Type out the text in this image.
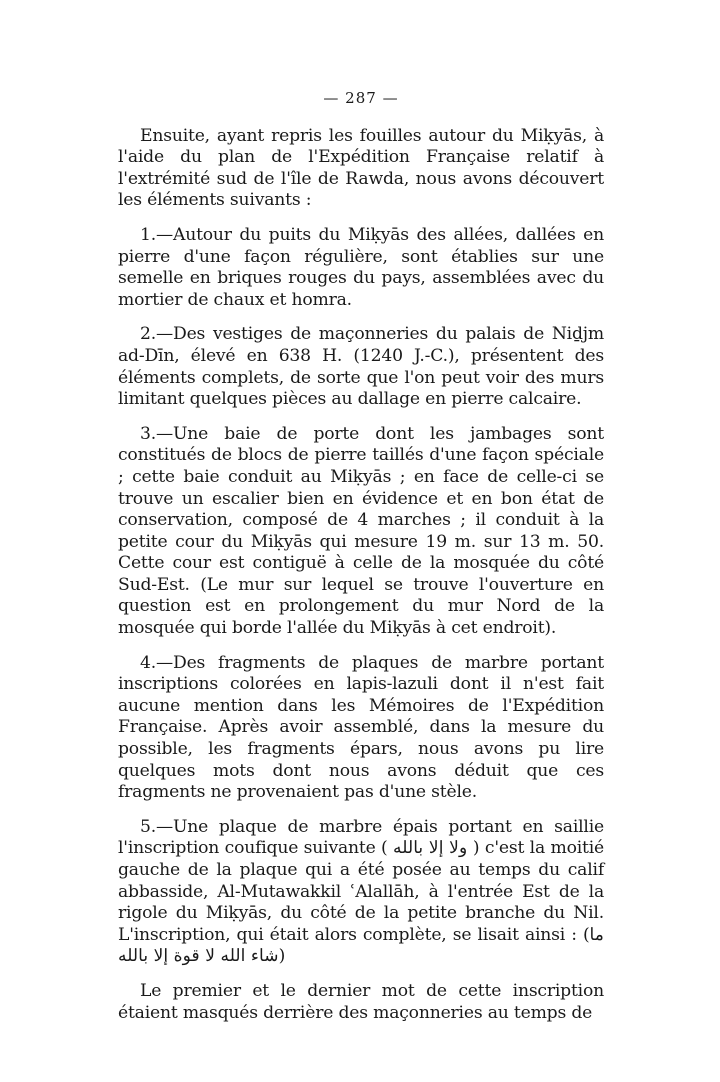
— 287 —

Ensuite, ayant repris les fouilles autour du Miḳyās, à l'aide du plan de l'Expédition Française relatif à l'extrémité sud de l'île de Rawda, nous avons découvert les éléments suivants :

1.—Autour du puits du Miḳyās des allées, dallées en pierre d'une façon régulière, sont établies sur une semelle en briques rouges du pays, assemblées avec du mortier de chaux et homra.

2.—Des vestiges de maçonneries du palais de Niḏjm ad-Dīn, élevé en 638 H. (1240 J.-C.), présentent des éléments complets, de sorte que l'on peut voir des murs limitant quelques pièces au dallage en pierre calcaire.

3.—Une baie de porte dont les jambages sont constitués de blocs de pierre taillés d'une façon spéciale ; cette baie conduit au Miḳyās ; en face de celle-ci se trouve un escalier bien en évidence et en bon état de conservation, composé de 4 marches ; il conduit à la petite cour du Miḳyās qui mesure 19 m. sur 13 m. 50. Cette cour est contiguë à celle de la mosquée du côté Sud-Est. (Le mur sur lequel se trouve l'ouverture en question est en prolongement du mur Nord de la mosquée qui borde l'allée du Miḳyās à cet endroit).

4.—Des fragments de plaques de marbre portant inscriptions colorées en lapis-lazuli dont il n'est fait aucune mention dans les Mémoires de l'Expédition Française. Après avoir assemblé, dans la mesure du possible, les fragments épars, nous avons pu lire quelques mots dont nous avons déduit que ces fragments ne provenaient pas d'une stèle.

5.—Une plaque de marbre épais portant en saillie l'inscription coufique suivante ( ولا إلا بالله ) c'est la moitié gauche de la plaque qui a été posée au temps du calif abbasside, Al-Mutawakkil ʿAlallāh, à l'entrée Est de la rigole du Miḳyās, du côté de la petite branche du Nil. L'inscription, qui était alors complète, se lisait ainsi : (ما شاء الله لا قوة إلا بالله)

Le premier et le dernier mot de cette inscription étaient masqués derrière des maçonneries au temps de
